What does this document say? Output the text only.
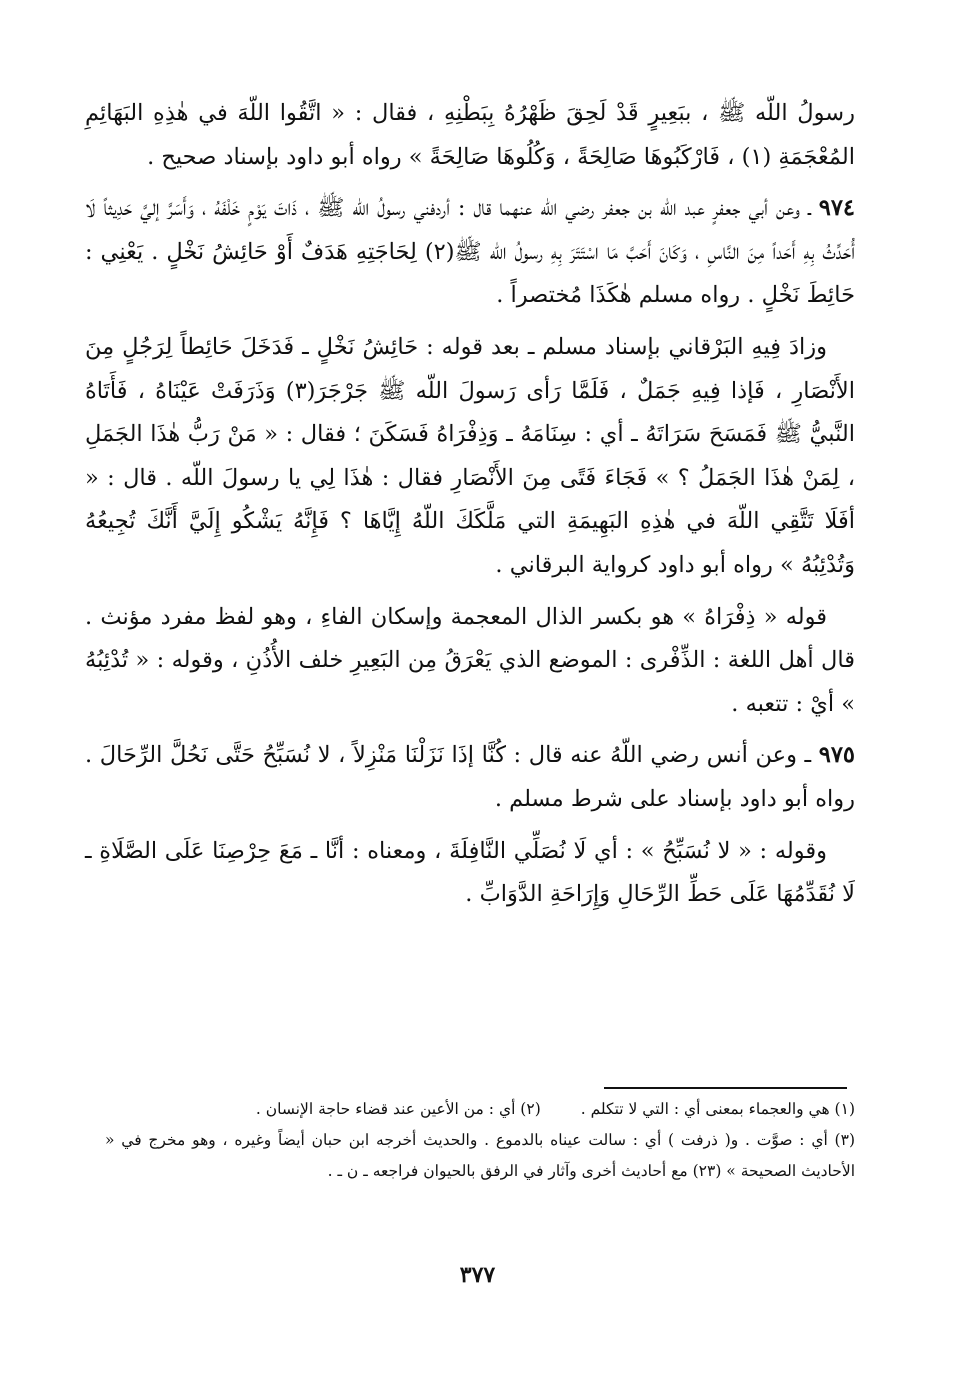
رسولُ اللّه ﷺ ، ببَعِيرٍ قَدْ لَحِقَ ظَهْرُهُ بِبَطْنِهِ ، فقال : « اتَّقُوا اللّهَ في هٰذِهِ البَهَائِمِ المُعْجَمَةِ (١) ، فَارْكَبُوهَا صَالِحَةً ، وَكُلُوهَا صَالِحَةً » رواه أبو داود بإسناد صحيح .

٩٧٤ ـ وعن أبي جعفرٍ عبد اللّه بن جعفر رضي اللّه عنهما قال : أردفني رسولُ اللّه ﷺ ، ذَاتَ يَوْمٍ خَلْفَهُ ، وَأَسَرَّ إليَّ حَدِيثاً لَا أُحَدِّثُ بِهِ أَحَداً مِنَ النَّاسِ ، وَكَانَ أَحَبَّ مَا اسْتَتَرَ بِهِ رسولُ اللّه ﷺ(٢) لِحَاجَتِهِ هَدَفٌ أَوْ حَائِشُ نَخْلٍ . يَعْنِي : حَائِطَ نَخْلٍ . رواه مسلم هٰكَذَا مُختصراً .

وزادَ فِيهِ البَرْقاني بإسناد مسلم ـ بعد قوله : حَائِشُ نَخْلٍ ـ فَدَخَلَ حَائِطاً لِرَجُلٍ مِنَ الأَنْصَارِ ، فَإذا فِيهِ جَمَلٌ ، فَلَمَّا رَأى رَسولَ اللّه ﷺ جَرْجَرَ(٣) وَذَرَفَتْ عَيْنَاهُ ، فَأَتَاهُ النَّبيُّ ﷺ فَمَسَحَ سَرَاتَهُ ـ أي : سِنَامَهُ ـ وَذِفْرَاهُ فَسَكَنَ ؛ فقال : « مَنْ رَبُّ هٰذَا الجَمَلِ ، لِمَنْ هٰذَا الجَمَلُ ؟ » فَجَاءَ فَتًى مِنَ الأَنْصَارِ فقال : هٰذَا لِي يا رسولَ اللّه . قال : « أفَلَا تَتَّقِي اللّهَ في هٰذِهِ البَهِيمَةِ التي مَلَّكَكَ اللّهُ إِيَّاهَا ؟ فَإِنَّهُ يَشْكُو إِلَيَّ أَنَّكَ تُجِيعُهُ وَتُدْئِبُهُ » رواه أبو داود كرواية البرقاني .

قوله « ذِفْرَاهُ » هو بكسر الذال المعجمة وإسكان الفاءِ ، وهو لفظ مفرد مؤنث . قال أهل اللغة : الذِّفْرى : الموضع الذي يَعْرَقُ مِن البَعِيرِ خلف الأُذُنِ ، وقوله : « تُدْئِبُهُ » أيْ : تتعبه .

٩٧٥ ـ وعن أنس رضي اللّهُ عنه قال : كُنَّا إذَا نَزَلْنَا مَنْزِلاً ، لا نُسَبِّحُ حَتَّى نَحُلَّ الرِّحَالَ . رواه أبو داود بإسناد على شرط مسلم .

وقوله : « لا نُسَبِّحُ » : أي لَا نُصَلِّي النَّافِلَةَ ، ومعناه : أنَّا ـ مَعَ حِرْصِنَا عَلَى الصَّلَاةِ ـ لَا نُقَدِّمُهَا عَلَى حَطِّ الرِّحَالِ وَإِرَاحَةِ الدَّوَابِّ .

(١) هي والعجماء بمعنى أي : التي لا تتكلم .
(٢) أي : من الأعين عند قضاء حاجة الإنسان .

(٣) أي : صوَّت . و( ذرفت ) أي : سالت عيناه بالدموع . والحديث أخرجه ابن حبان أيضاً وغيره ، وهو مخرج في « الأحاديث الصحيحة » (٢٣) مع أحاديث أخرى وآثار في الرفق بالحيوان فراجعه ـ ن ـ .

٣٧٧
